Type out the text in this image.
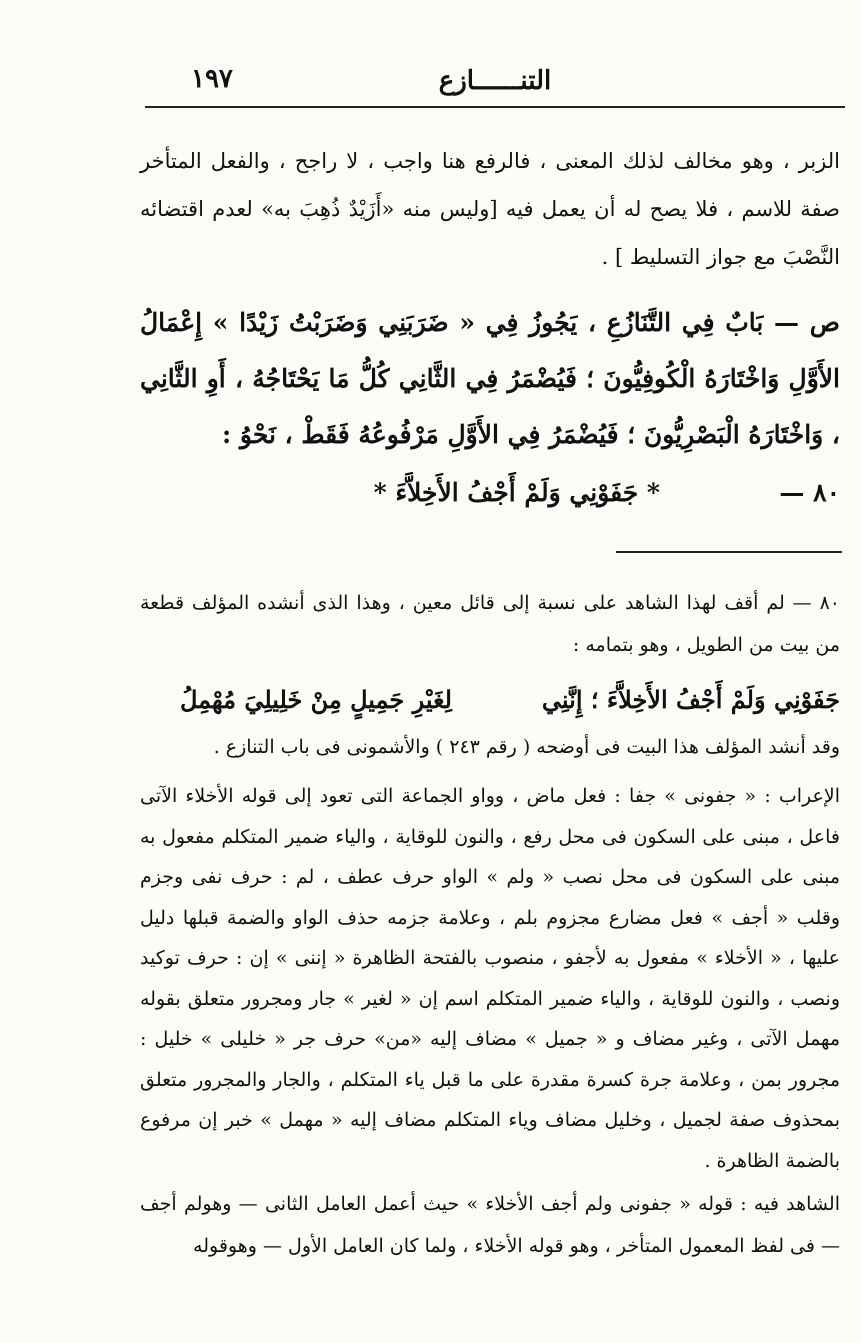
التنــــــازع
١٩٧
الزبر ، وهو مخالف لذلك المعنى ، فالرفع هنا واجب ، لا راجح ، والفعل المتأخر صفة للاسم ، فلا يصح له أن يعمل فيه [وليس منه «أَزَيْدٌ ذُهِبَ به» لعدم اقتضائه النَّصْبَ مع جواز التسليط ] .
ص — بَابٌ فِي التَّنَازُعِ ، يَجُوزُ فِي « ضَرَبَنِي وَضَرَبْتُ زَيْدًا » إِعْمَالُ الأَوَّلِ وَاخْتَارَهُ الْكُوفِيُّونَ ؛ فَيُضْمَرُ فِي الثَّانِي كُلُّ مَا يَحْتَاجُهُ ، أَوِ الثَّانِي ، وَاخْتَارَهُ الْبَصْرِيُّونَ ؛ فَيُضْمَرُ فِي الأَوَّلِ مَرْفُوعُهُ فَقَطْ ، نَحْوُ :
٨٠ —
* جَفَوْنِي وَلَمْ أَجْفُ الأَخِلاَّءَ *
٨٠ — لم أقف لهذا الشاهد على نسبة إلى قائل معين ، وهذا الذى أنشده المؤلف قطعة من بيت من الطويل ، وهو بتمامه :
جَفَوْنِي وَلَمْ أَجْفُ الأَخِلاَّءَ ؛ إِنَّنِي
لِغَيْرِ جَمِيلٍ مِنْ خَلِيلِيَ مُهْمِلُ
وقد أنشد المؤلف هذا البيت فى أوضحه ( رقم ٢٤٣ ) والأشمونى فى باب التنازع .
الإعراب : « جفونى » جفا : فعل ماض ، وواو الجماعة التى تعود إلى قوله الأخلاء الآتى فاعل ، مبنى على السكون فى محل رفع ، والنون للوقاية ، والياء ضمير المتكلم مفعول به مبنى على السكون فى محل نصب « ولم » الواو حرف عطف ، لم : حرف نفى وجزم وقلب « أجف » فعل مضارع مجزوم بلم ، وعلامة جزمه حذف الواو والضمة قبلها دليل عليها ، « الأخلاء » مفعول به لأجفو ، منصوب بالفتحة الظاهرة « إننى » إن : حرف توكيد ونصب ، والنون للوقاية ، والياء ضمير المتكلم اسم إن « لغير » جار ومجرور متعلق بقوله مهمل الآتى ، وغير مضاف و « جميل » مضاف إليه «من» حرف جر « خليلى » خليل : مجرور بمن ، وعلامة جرة كسرة مقدرة على ما قبل ياء المتكلم ، والجار والمجرور متعلق بمحذوف صفة لجميل ، وخليل مضاف وياء المتكلم مضاف إليه « مهمل » خبر إن مرفوع بالضمة الظاهرة .
الشاهد فيه : قوله « جفونى ولم أجف الأخلاء » حيث أعمل العامل الثانى — وهولم أجف — فى لفظ المعمول المتأخر ، وهو قوله الأخلاء ، ولما كان العامل الأول — وهوقوله
